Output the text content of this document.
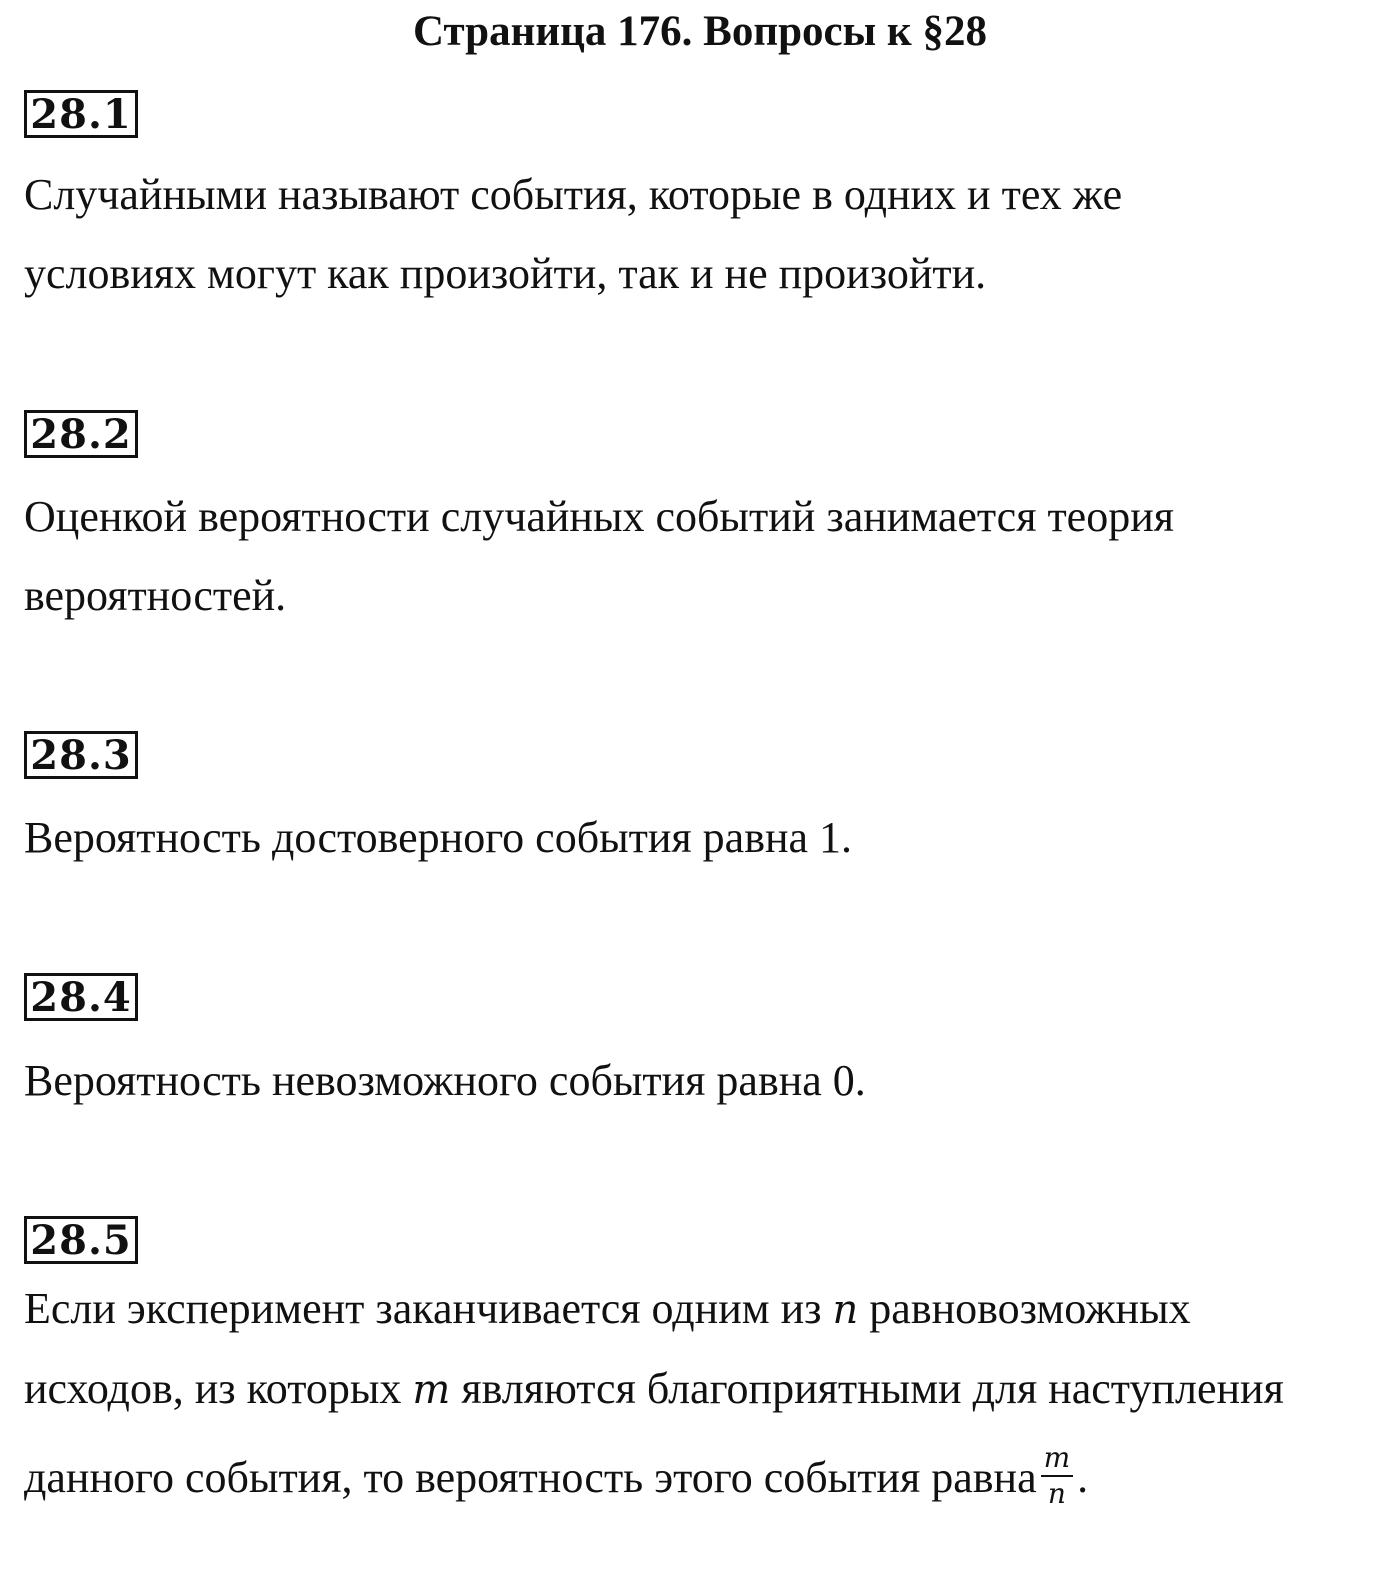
Страница 176. Вопросы к §28
28.1
Случайными называют события, которые в одних и тех же
условиях могут как произойти, так и не произойти.
28.2
Оценкой вероятности случайных событий занимается теория
вероятностей.
28.3
Вероятность достоверного события равна 1.
28.4
Вероятность невозможного события равна 0.
28.5
Если эксперимент заканчивается одним из n равновозможных
исходов, из которых m являются благоприятными для наступления
данного события, то вероятность этого события равна $\frac{m}{n}$ .
